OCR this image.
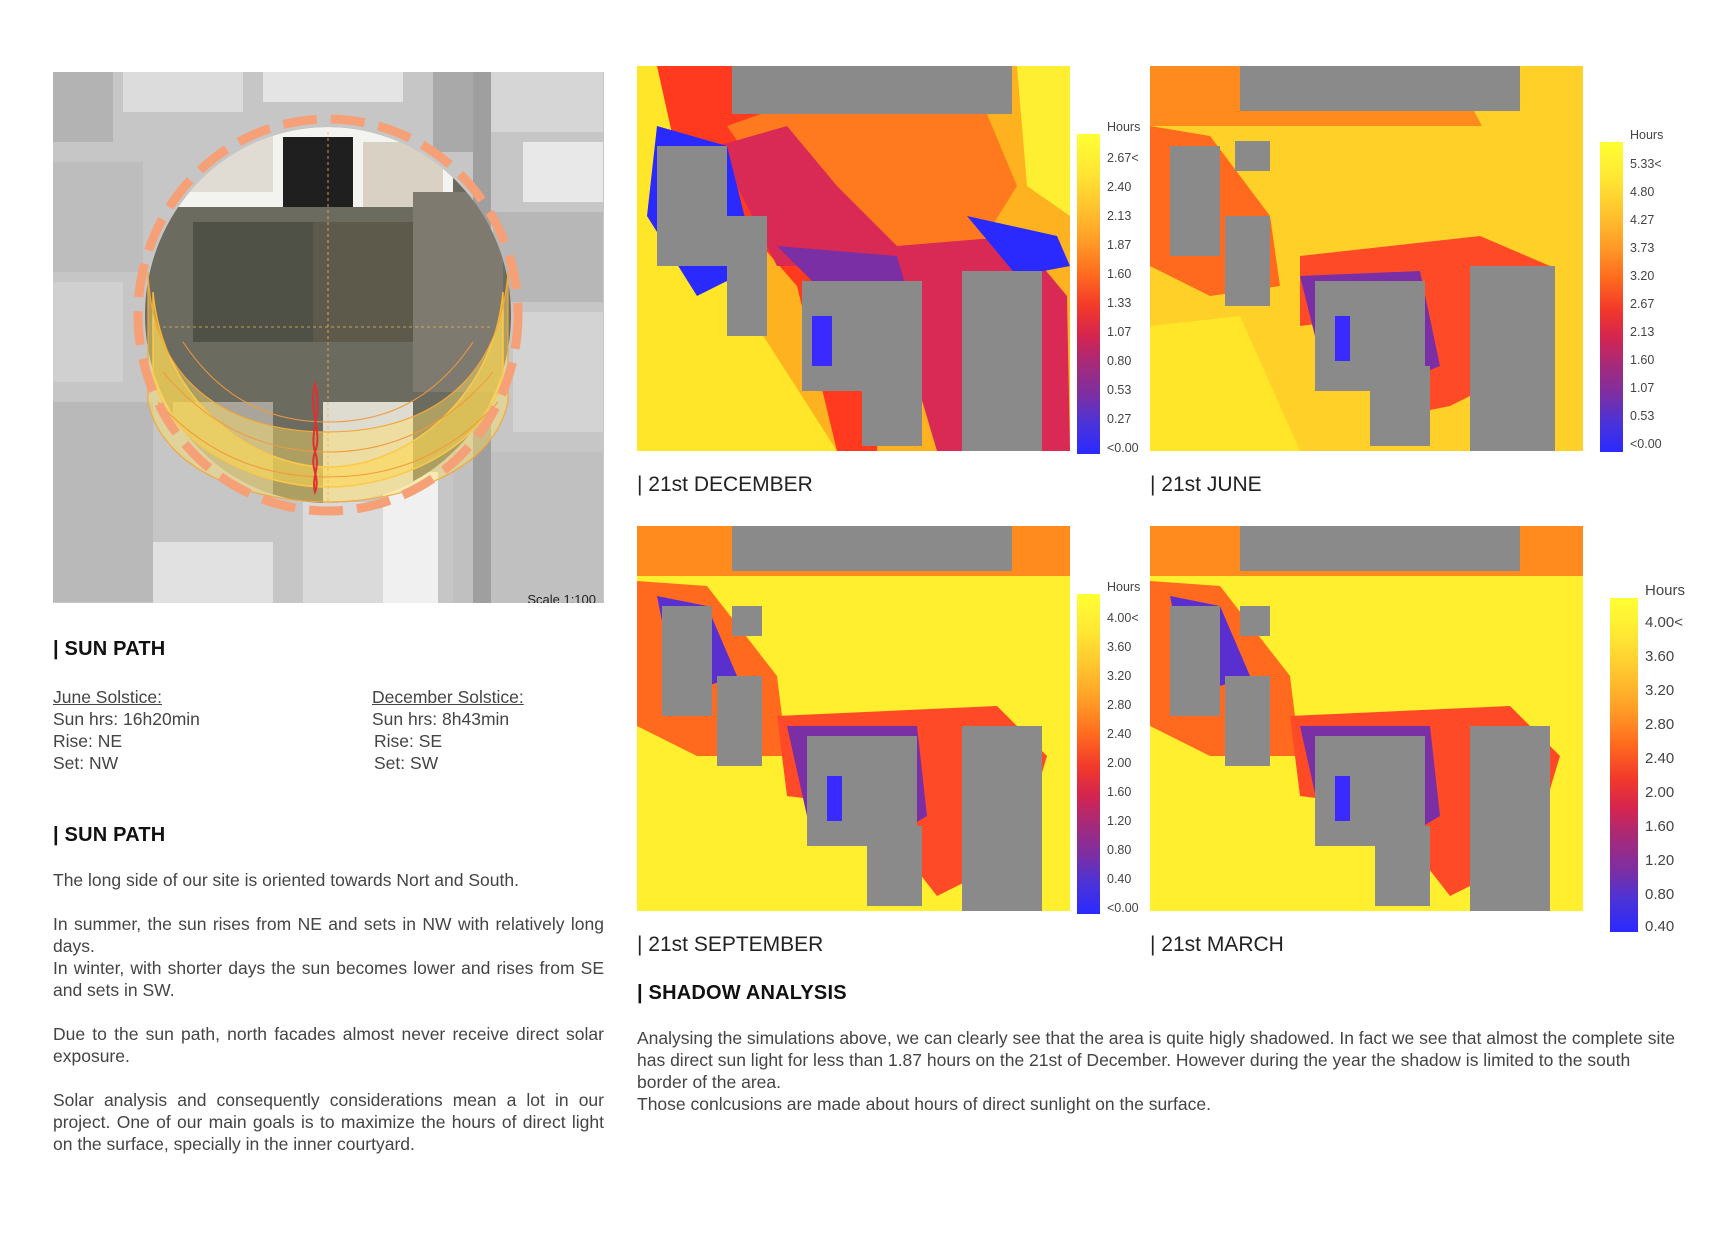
Scale 1:100
| SUN PATH
June Solstice:
Sun hrs: 16h20min
Rise: NE
Set: NW
December Solstice:
Sun hrs: 8h43min
Rise: SE
Set: SW
| SUN PATH

The long side of our site is oriented towards Nort and South.

In summer, the sun rises from NE and sets in NW with relatively long days.
In winter, with shorter days the sun becomes lower and rises from SE and sets in SW.

Due to the sun path, north facades almost never receive direct solar exposure.

Solar analysis and consequently considerations mean a lot in our project. One of our main goals is to maximize the hours of direct light on the surface, specially in the inner courtyard.

Hours
2.67<
2.40
2.13
1.87
1.60
1.33
1.07
0.80
0.53
0.27
<0.00
| 21st DECEMBER
Hours
5.33<
4.80
4.27
3.73
3.20
2.67
2.13
1.60
1.07
0.53
<0.00
| 21st JUNE
Hours
4.00<
3.60
3.20
2.80
2.40
2.00
1.60
1.20
0.80
0.40
<0.00
| 21st SEPTEMBER
Hours
4.00<
3.60
3.20
2.80
2.40
2.00
1.60
1.20
0.80
0.40
| 21st MARCH
| SHADOW ANALYSIS
Analysing the simulations above, we can clearly see that the area is quite higly shadowed. In fact we see that almost the complete site has direct sun light for less than 1.87 hours on the 21st of December. However during the year the shadow is limited to the south border of the area.
Those conlcusions are made about hours of direct sunlight on the surface.
